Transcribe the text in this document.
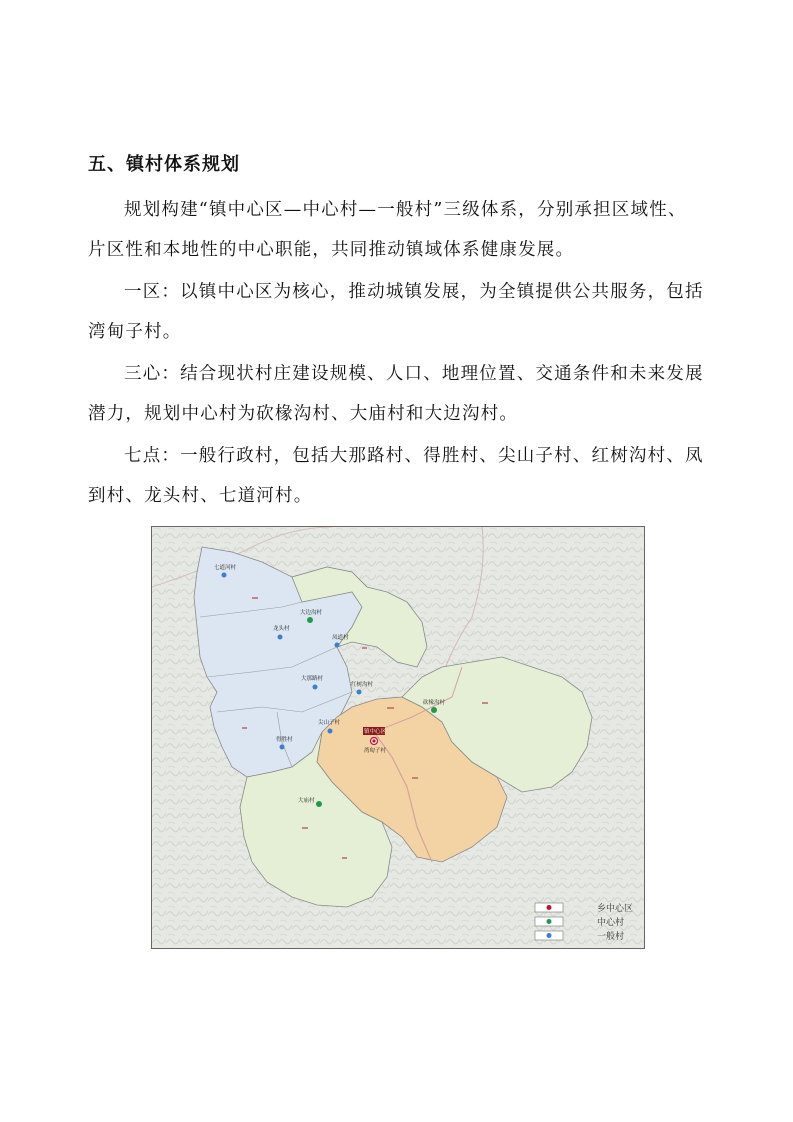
五、镇村体系规划
规划构建“镇中心区—中心村—一般村”三级体系，分别承担区域性、
片区性和本地性的中心职能，共同推动镇域体系健康发展。
一区：以镇中心区为核心，推动城镇发展，为全镇提供公共服务，包括
湾甸子村。
三心：结合现状村庄建设规模、人口、地理位置、交通条件和未来发展
潜力，规划中心村为砍椽沟村、大庙村和大边沟村。
七点：一般行政村，包括大那路村、得胜村、尖山子村、红树沟村、凤
到村、龙头村、七道河村。
七道河村
大边沟村
龙头村
凤道村
大那路村
红树沟村
砍椽沟村
尖山子村
得胜村
镇中心区
湾甸子村
大庙村
乡中心区
中心村
一般村
